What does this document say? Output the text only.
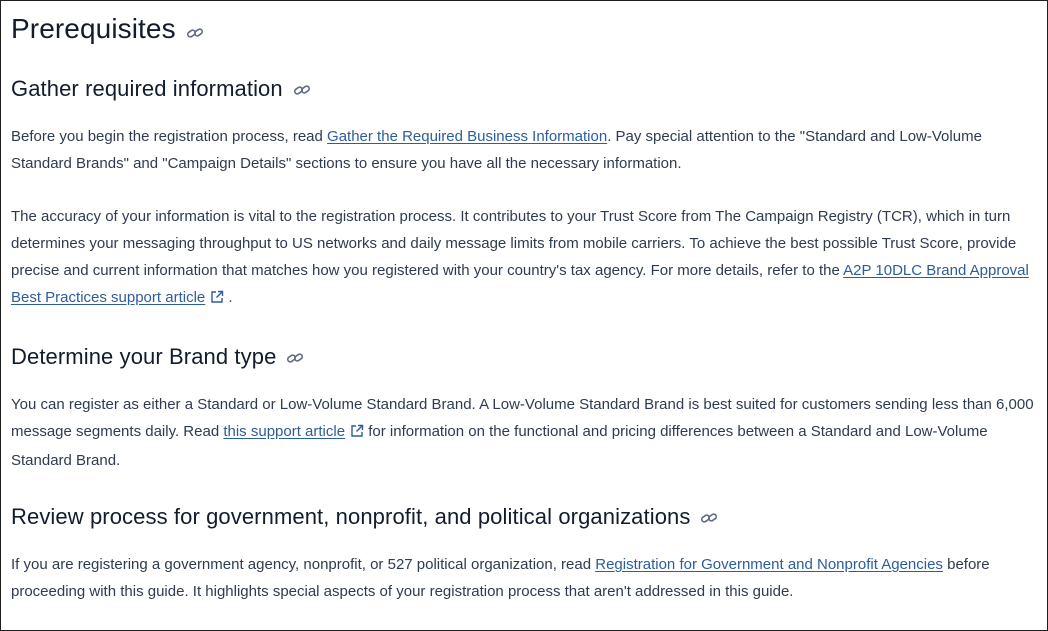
Prerequisites
Gather required information

Before you begin the registration process, read Gather the Required Business Information. Pay special attention to the "Standard and Low-Volume Standard Brands" and "Campaign Details" sections to ensure you have all the necessary information.

The accuracy of your information is vital to the registration process. It contributes to your Trust Score from The Campaign Registry (TCR), which in turn determines your messaging throughput to US networks and daily message limits from mobile carriers. To achieve the best possible Trust Score, provide precise and current information that matches how you registered with your country's tax agency. For more details, refer to the A2P 10DLC Brand Approval Best Practices support article .

Determine your Brand type

You can register as either a Standard or Low-Volume Standard Brand. A Low-Volume Standard Brand is best suited for customers sending less than 6,000 message segments daily. Read this support article for information on the functional and pricing differences between a Standard and Low-Volume Standard Brand.

Review process for government, nonprofit, and political organizations

If you are registering a government agency, nonprofit, or 527 political organization, read Registration for Government and Nonprofit Agencies before proceeding with this guide. It highlights special aspects of your registration process that aren't addressed in this guide.
